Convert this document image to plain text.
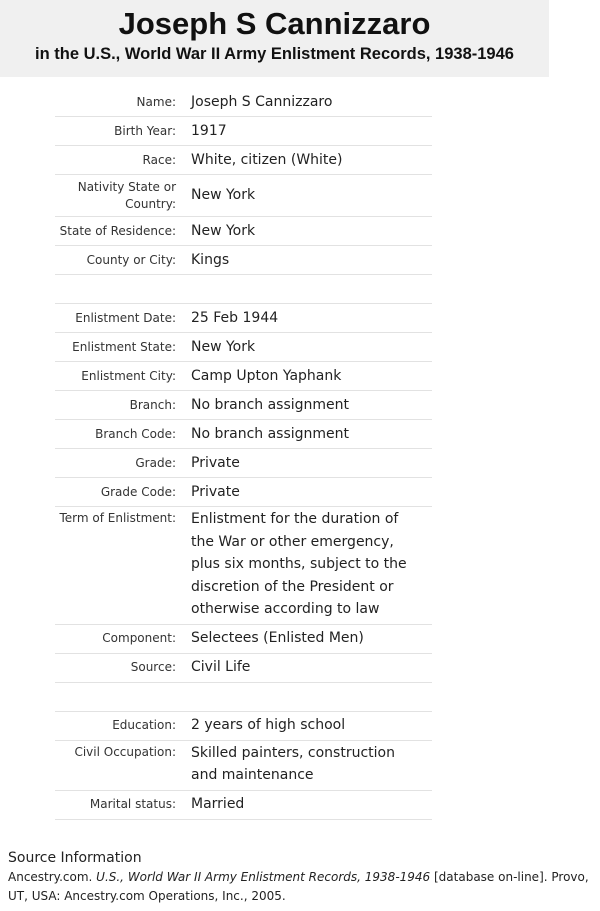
Joseph S Cannizzaro
in the U.S., World War II Army Enlistment Records, 1938-1946
Name:	Joseph S Cannizzaro
Birth Year:	1917
Race:	White, citizen (White)
Nativity State or Country:
New York
State of Residence:	New York
County or City:	Kings
Enlistment Date:	25 Feb 1944
Enlistment State:	New York
Enlistment City:	Camp Upton Yaphank
Branch:	No branch assignment
Branch Code:	No branch assignment
Grade:	Private
Grade Code:	Private
Term of Enlistment:	Enlistment for the duration of the War or other emergency, plus six months, subject to the discretion of the President or otherwise according to law
Component:	Selectees (Enlisted Men)
Source:	Civil Life
Education:	2 years of high school
Civil Occupation:	Skilled painters, construction and maintenance
Marital status:	Married
Source Information
Ancestry.com. U.S., World War II Army Enlistment Records, 1938-1946 [database on-line]. Provo, UT, USA: Ancestry.com Operations, Inc., 2005.
